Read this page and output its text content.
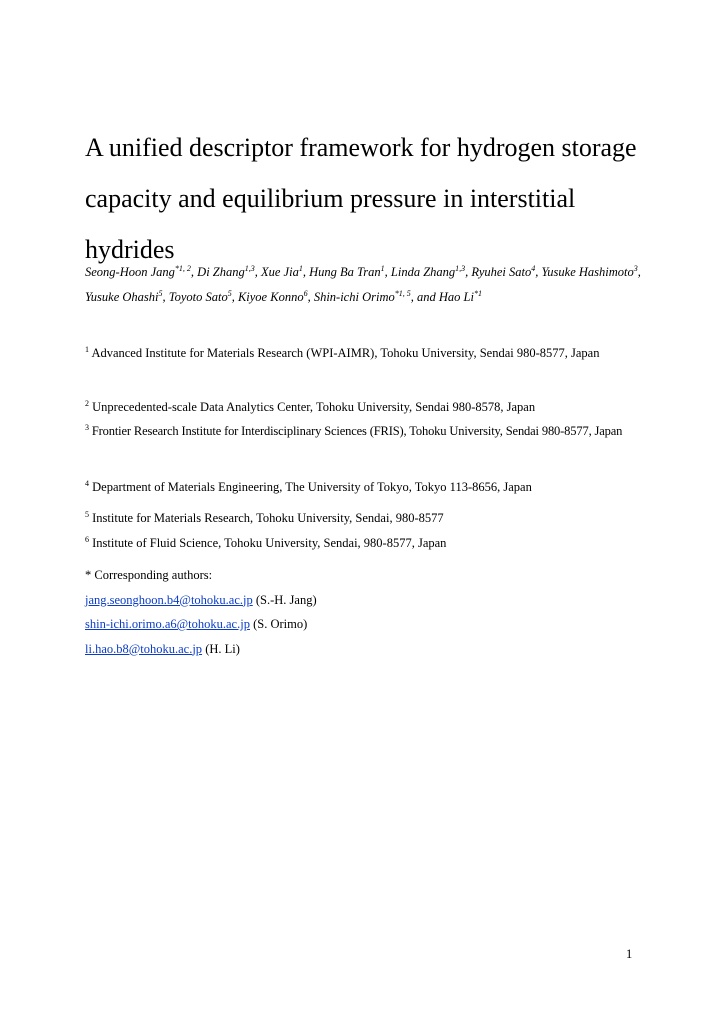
A unified descriptor framework for hydrogen storage capacity and equilibrium pressure in interstitial hydrides

Seong-Hoon Jang$^{*1, 2}$, Di Zhang$^{1,3}$, Xue Jia$^1$, Hung Ba Tran$^1$, Linda Zhang$^{1,3}$, Ryuhei Sato$^4$, Yusuke Hashimoto$^3$, Yusuke Ohashi$^5$, Toyoto Sato$^5$, Kiyoe Konno$^6$, Shin-ichi Orimo$^{*1, 5}$, and Hao Li$^{*1}$

$^1$ Advanced Institute for Materials Research (WPI-AIMR), Tohoku University, Sendai 980-8577, Japan

$^2$ Unprecedented-scale Data Analytics Center, Tohoku University, Sendai 980-8578, Japan

$^3$ Frontier Research Institute for Interdisciplinary Sciences (FRIS), Tohoku University, Sendai 980-8577, Japan

$^4$ Department of Materials Engineering, The University of Tokyo, Tokyo 113-8656, Japan

$^5$ Institute for Materials Research, Tohoku University, Sendai, 980-8577

$^6$ Institute of Fluid Science, Tohoku University, Sendai, 980-8577, Japan

* Corresponding authors:
jang.seonghoon.b4@tohoku.ac.jp (S.-H. Jang)
shin-ichi.orimo.a6@tohoku.ac.jp (S. Orimo)
li.hao.b8@tohoku.ac.jp (H. Li)
1
